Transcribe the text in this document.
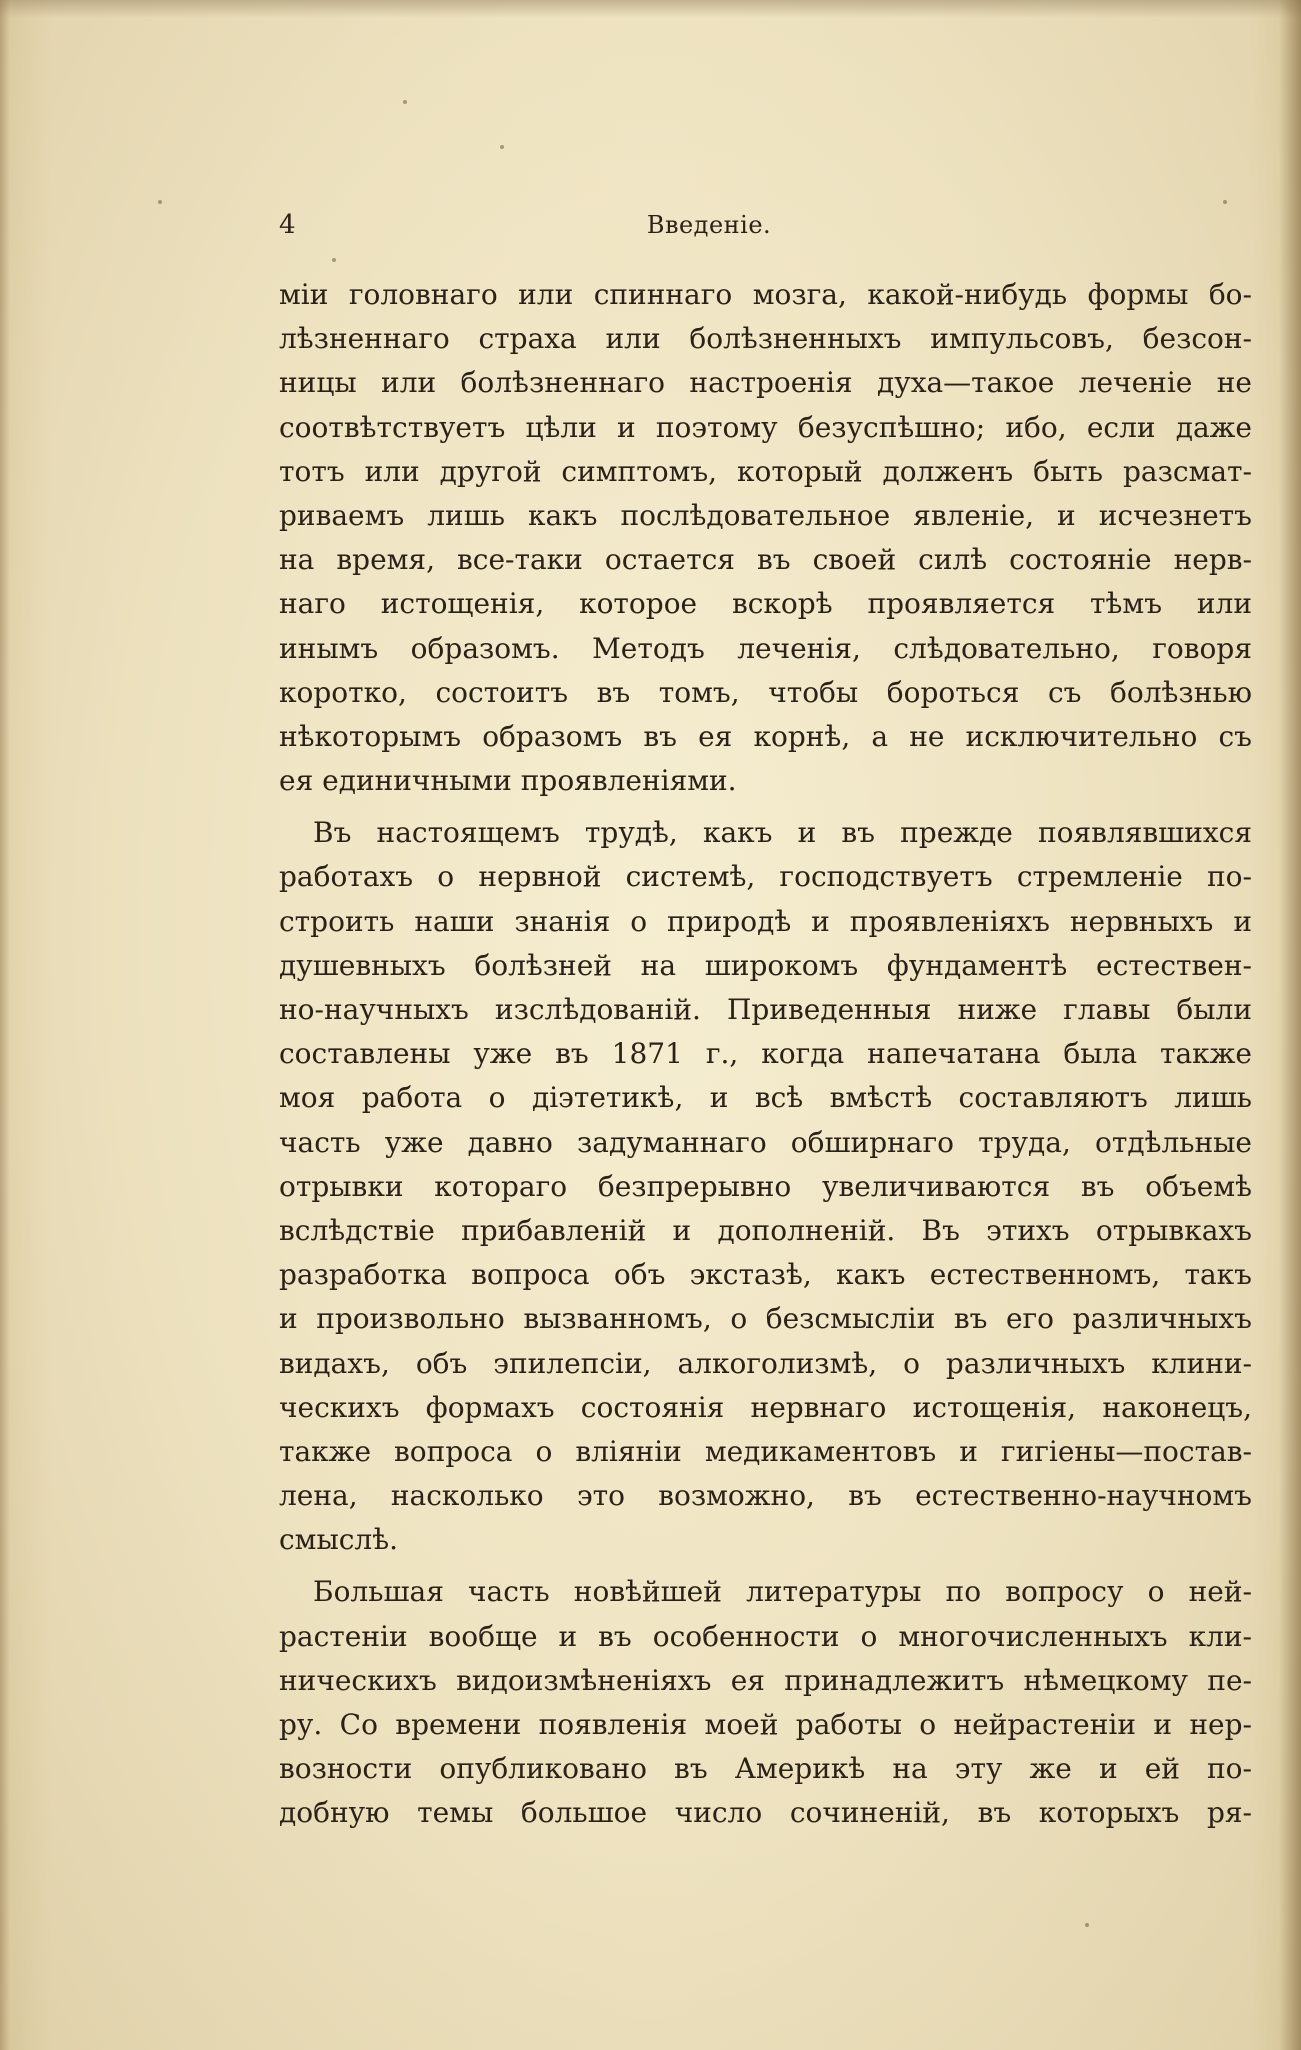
4	Введеніе.
міи головнаго или спиннаго мозга, какой-нибудь формы бо-
лѣзненнаго страха или болѣзненныхъ импульсовъ, безсон-
ницы или болѣзненнаго настроенія духа—такое леченіе не
соотвѣтствуетъ цѣли и поэтому безуспѣшно; ибо, если даже
тотъ или другой симптомъ, который долженъ быть разсмат-
риваемъ лишь какъ послѣдовательное явленіе, и исчезнетъ
на время, все-таки остается въ своей силѣ состояніе нерв-
наго истощенія, которое вскорѣ проявляется тѣмъ или
инымъ образомъ. Методъ леченія, слѣдовательно, говоря
коротко, состоитъ въ томъ, чтобы бороться съ болѣзнью
нѣкоторымъ образомъ въ ея корнѣ, а не исключительно съ
ея единичными проявленіями.
Въ настоящемъ трудѣ, какъ и въ прежде появлявшихся
работахъ о нервной системѣ, господствуетъ стремленіе по-
строить наши знанія о природѣ и проявленіяхъ нервныхъ и
душевныхъ болѣзней на широкомъ фундаментѣ естествен-
но-научныхъ изслѣдованій. Приведенныя ниже главы были
составлены уже въ 1871 г., когда напечатана была также
моя работа о діэтетикѣ, и всѣ вмѣстѣ составляютъ лишь
часть уже давно задуманнаго обширнаго труда, отдѣльные
отрывки котораго безпрерывно увеличиваются въ объемѣ
вслѣдствіе прибавленій и дополненій. Въ этихъ отрывкахъ
разработка вопроса объ экстазѣ, какъ естественномъ, такъ
и произвольно вызванномъ, о безсмысліи въ его различныхъ
видахъ, объ эпилепсіи, алкоголизмѣ, о различныхъ клини-
ческихъ формахъ состоянія нервнаго истощенія, наконецъ,
также вопроса о вліяніи медикаментовъ и гигіены—постав-
лена, насколько это возможно, въ естественно-научномъ
смыслѣ.
Большая часть новѣйшей литературы по вопросу о ней-
растеніи вообще и въ особенности о многочисленныхъ кли-
ническихъ видоизмѣненіяхъ ея принадлежитъ нѣмецкому пе-
ру. Со времени появленія моей работы о нейрастеніи и нер-
возности опубликовано въ Америкѣ на эту же и ей по-
добную темы большое число сочиненій, въ которыхъ ря-
